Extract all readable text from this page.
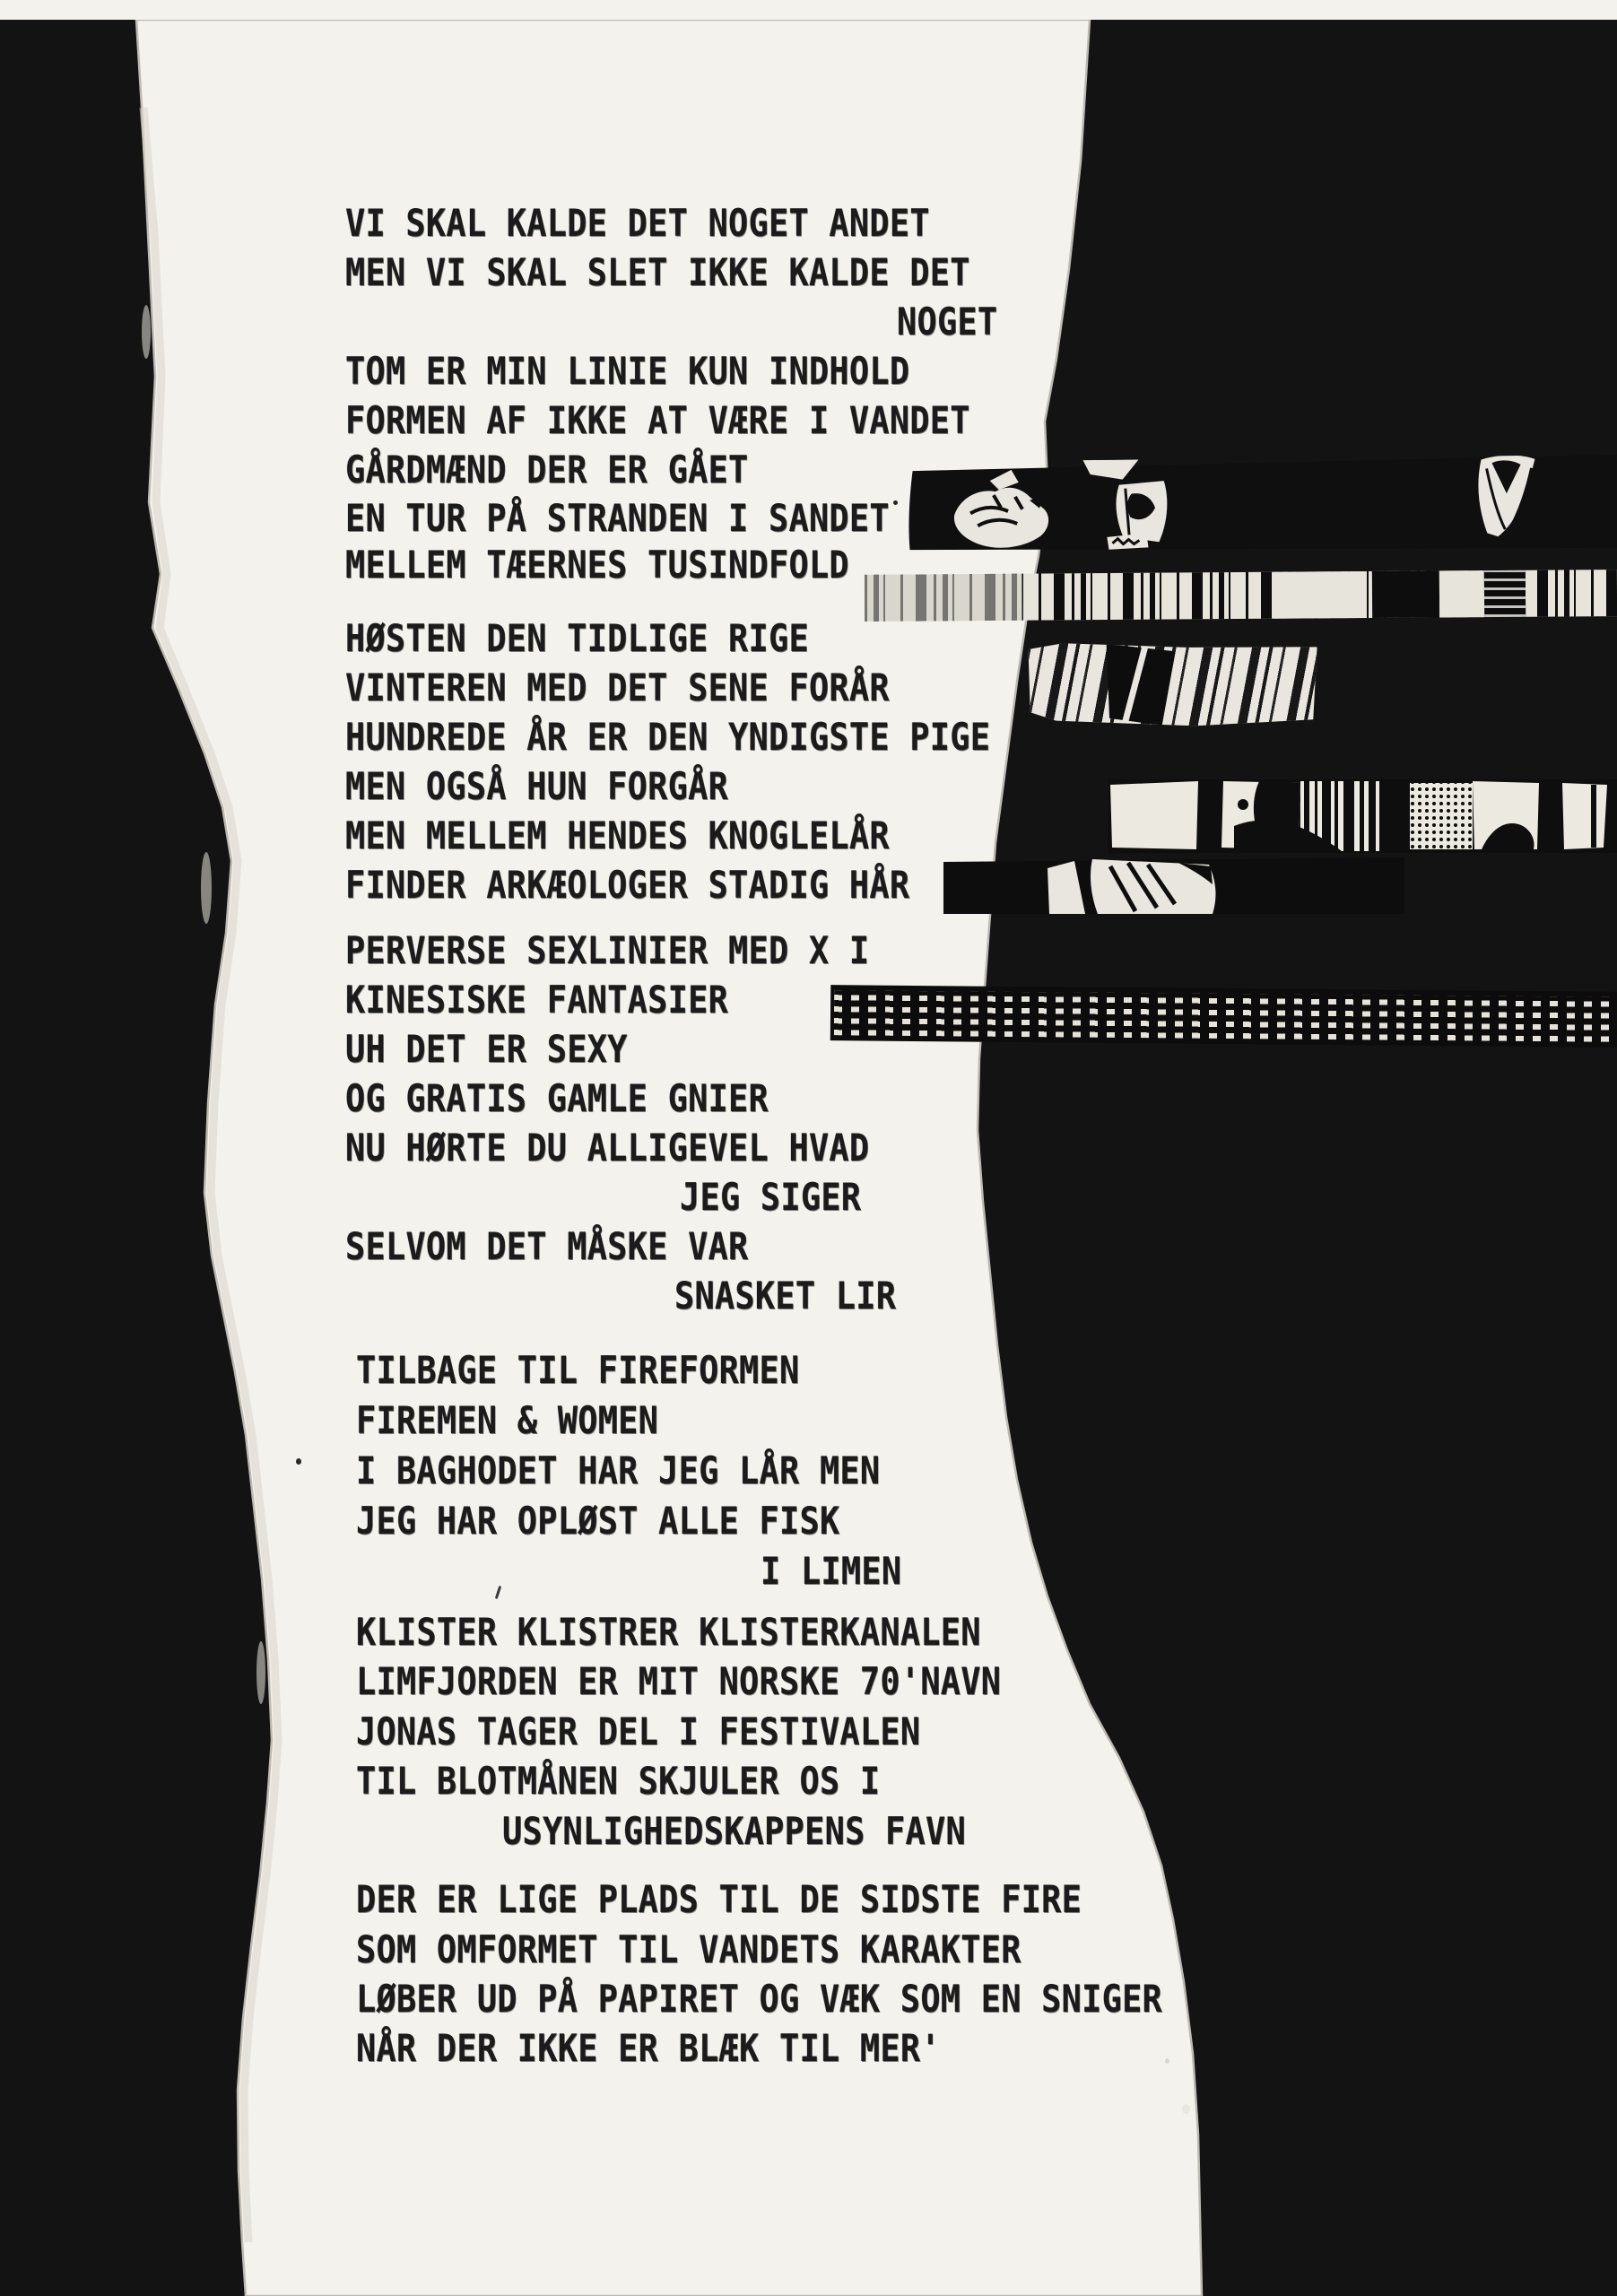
VI SKAL KALDE DET NOGET ANDET
MEN VI SKAL SLET IKKE KALDE DET
NOGET
TOM ER MIN LINIE KUN INDHOLD
FORMEN AF IKKE AT VÆRE I VANDET
GÅRDMÆND DER ER GÅET
EN TUR PÅ STRANDEN I SANDET
MELLEM TÆERNES TUSINDFOLD
HØSTEN DEN TIDLIGE RIGE
VINTEREN MED DET SENE FORÅR
HUNDREDE ÅR ER DEN YNDIGSTE PIGE
MEN OGSÅ HUN FORGÅR
MEN MELLEM HENDES KNOGLELÅR
FINDER ARKÆOLOGER STADIG HÅR
PERVERSE SEXLINIER MED X I
KINESISKE FANTASIER
UH DET ER SEXY
OG GRATIS GAMLE GNIER
NU HØRTE DU ALLIGEVEL HVAD
JEG SIGER
SELVOM DET MÅSKE VAR
SNASKET LIR
TILBAGE TIL FIREFORMEN
FIREMEN & WOMEN
I BAGHODET HAR JEG LÅR MEN
JEG HAR OPLØST ALLE FISK
I LIMEN
KLISTER KLISTRER KLISTERKANALEN
LIMFJORDEN ER MIT NORSKE 70'NAVN
JONAS TAGER DEL I FESTIVALEN
TIL BLOTMÅNEN SKJULER OS I
USYNLIGHEDSKAPPENS FAVN
DER ER LIGE PLADS TIL DE SIDSTE FIRE
SOM OMFORMET TIL VANDETS KARAKTER
LØBER UD PÅ PAPIRET OG VÆK SOM EN SNIGER
NÅR DER IKKE ER BLÆK TIL MER'
